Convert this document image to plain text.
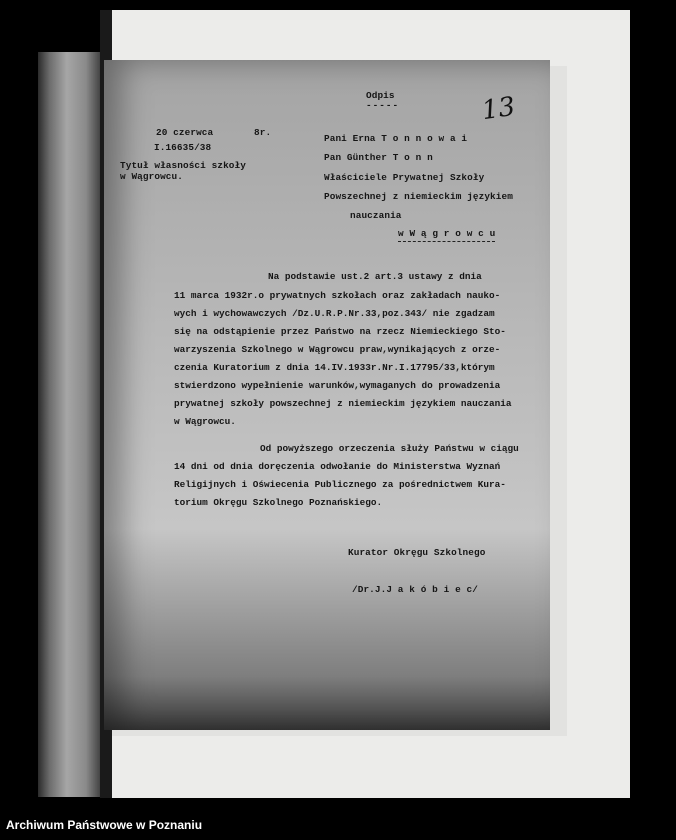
Odpis
-----	13
20 czerwca	8r.
I.16635/38
Tytuł własności szkoły
w Wągrowcu.
Pani Erna T o n n o w a i
Pan Günther T o n n
Właściciele Prywatnej Szkoły
Powszechnej z niemieckim językiem
nauczania
w W ą g r o w c u
Na podstawie ust.2 art.3 ustawy z dnia
11 marca 1932r.o prywatnych szkołach oraz zakładach nauko-
wych i wychowawczych /Dz.U.R.P.Nr.33,poz.343/ nie zgadzam
się na odstąpienie przez Państwo na rzecz Niemieckiego Sto-
warzyszenia Szkolnego w Wągrowcu praw,wynikających z orze-
czenia Kuratorium z dnia 14.IV.1933r.Nr.I.17795/33,którym
stwierdzono wypełnienie warunków,wymaganych do prowadzenia
prywatnej szkoły powszechnej z niemieckim językiem nauczania
w Wągrowcu.
Od powyższego orzeczenia służy Państwu w ciągu
14 dni od dnia doręczenia odwołanie do Ministerstwa Wyznań
Religijnych i Oświecenia Publicznego za pośrednictwem Kura-
torium Okręgu Szkolnego Poznańskiego.
Kurator Okręgu Szkolnego
/Dr.J.J a k ó b i e c/
Archiwum Państwowe w Poznaniu
